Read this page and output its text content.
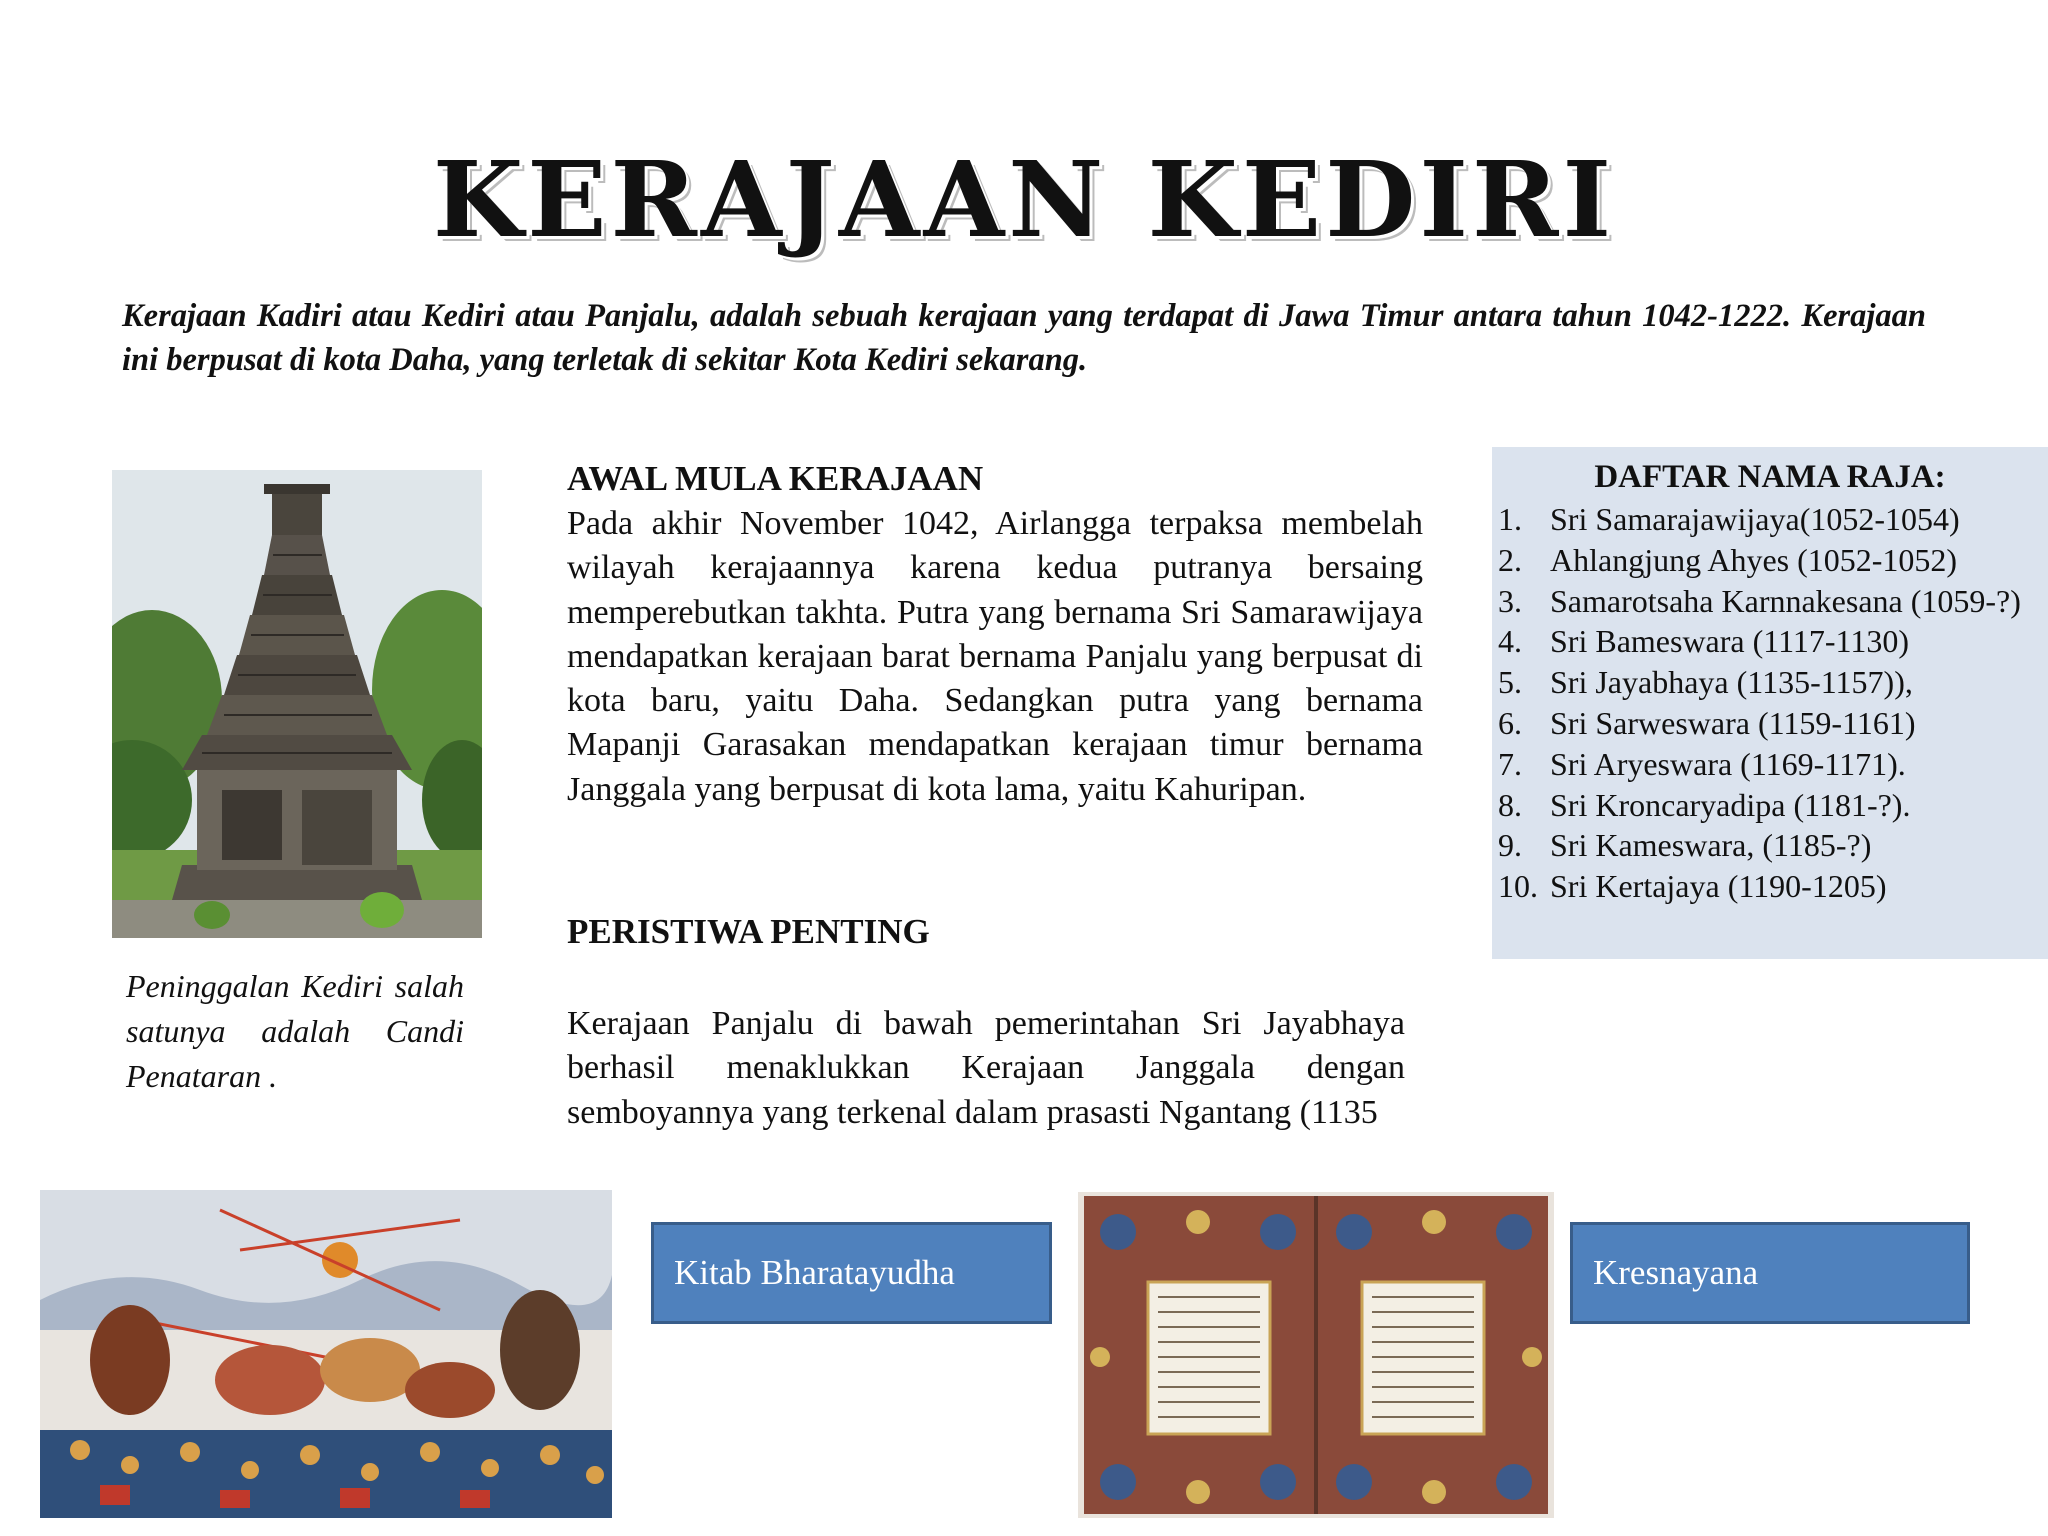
KERAJAAN KEDIRI
Kerajaan Kadiri atau Kediri atau Panjalu, adalah sebuah kerajaan yang terdapat di Jawa Timur antara tahun 1042-1222. Kerajaan ini berpusat di kota Daha, yang terletak di sekitar Kota Kediri sekarang.
Peninggalan Kediri salah satunya adalah Candi Penataran .
AWAL MULA KERAJAAN
Pada akhir November 1042, Airlangga terpaksa membelah wilayah kerajaannya karena kedua putranya bersaing memperebutkan takhta. Putra yang bernama Sri Samarawijaya mendapatkan kerajaan barat bernama Panjalu yang berpusat di kota baru, yaitu Daha. Sedangkan putra yang bernama Mapanji Garasakan mendapatkan kerajaan timur bernama Janggala yang berpusat di kota lama, yaitu Kahuripan.
PERISTIWA PENTING
Kerajaan Panjalu di bawah pemerintahan Sri Jayabhaya berhasil menaklukkan Kerajaan Janggala dengan semboyannya yang terkenal dalam prasasti Ngantang (1135
DAFTAR NAMA RAJA:
1. Sri Samarajawijaya(1052-1054)
2. Ahlangjung Ahyes (1052-1052)
3. Samarotsaha Karnnakesana (1059-?)
4. Sri Bameswara (1117-1130)
5. Sri Jayabhaya (1135-1157)),
6. Sri Sarweswara (1159-1161)
7. Sri Aryeswara (1169-1171).
8. Sri Kroncaryadipa (1181-?).
9. Sri Kameswara, (1185-?)
10. Sri Kertajaya (1190-1205)
Kitab Bharatayudha	Kresnayana
